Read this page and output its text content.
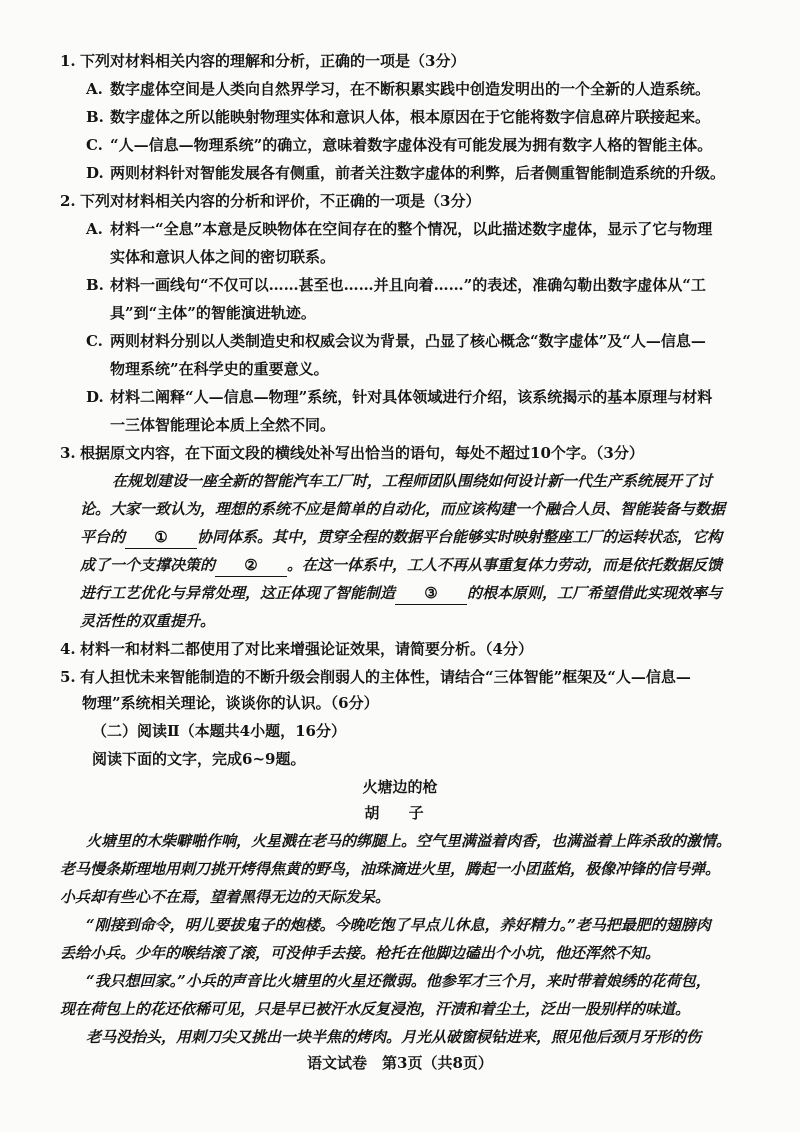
1. 下列对材料相关内容的理解和分析，正确的一项是（3分）
A. 数字虚体空间是人类向自然界学习，在不断积累实践中创造发明出的一个全新的人造系统。
B. 数字虚体之所以能映射物理实体和意识人体，根本原因在于它能将数字信息碎片联接起来。
C. “人—信息—物理系统”的确立，意味着数字虚体没有可能发展为拥有数字人格的智能主体。
D. 两则材料针对智能发展各有侧重，前者关注数字虚体的利弊，后者侧重智能制造系统的升级。
2. 下列对材料相关内容的分析和评价，不正确的一项是（3分）
A. 材料一“全息”本意是反映物体在空间存在的整个情况，以此描述数字虚体，显示了它与物理
实体和意识人体之间的密切联系。
B. 材料一画线句“不仅可以……甚至也……并且向着……”的表述，准确勾勒出数字虚体从“工
具”到“主体”的智能演进轨迹。
C. 两则材料分别以人类制造史和权威会议为背景，凸显了核心概念“数字虚体”及“人—信息—
物理系统”在科学史的重要意义。
D. 材料二阐释“人—信息—物理”系统，针对具体领域进行介绍，该系统揭示的基本原理与材料
一三体智能理论本质上全然不同。
3. 根据原文内容，在下面文段的横线处补写出恰当的语句，每处不超过10个字。（3分）
在规划建设一座全新的智能汽车工厂时，工程师团队围绕如何设计新一代生产系统展开了讨
论。大家一致认为，理想的系统不应是简单的自动化，而应该构建一个融合人员、智能装备与数据
平台的 ① 协同体系。其中，贯穿全程的数据平台能够实时映射整座工厂的运转状态，它构
成了一个支撑决策的 ② 。在这一体系中，工人不再从事重复体力劳动，而是依托数据反馈
进行工艺优化与异常处理，这正体现了智能制造 ③ 的根本原则，工厂希望借此实现效率与
灵活性的双重提升。
4. 材料一和材料二都使用了对比来增强论证效果，请简要分析。（4分）
5. 有人担忧未来智能制造的不断升级会削弱人的主体性，请结合“三体智能”框架及“人—信息—
物理”系统相关理论，谈谈你的认识。（6分）
（二）阅读Ⅱ（本题共4小题，16分）
阅读下面的文字，完成6~9题。
火塘边的枪
胡 子
火塘里的木柴噼啪作响，火星溅在老马的绑腿上。空气里满溢着肉香，也满溢着上阵杀敌的激情。
老马慢条斯理地用刺刀挑开烤得焦黄的野鸟，油珠滴进火里，腾起一小团蓝焰，极像冲锋的信号弹。
小兵却有些心不在焉，望着黑得无边的天际发呆。
“刚接到命令，明儿要拔鬼子的炮楼。今晚吃饱了早点儿休息，养好精力。”老马把最肥的翅膀肉
丢给小兵。少年的喉结滚了滚，可没伸手去接。枪托在他脚边磕出个小坑，他还浑然不知。
“我只想回家。”小兵的声音比火塘里的火星还微弱。他参军才三个月，来时带着娘绣的花荷包，
现在荷包上的花还依稀可见，只是早已被汗水反复浸泡，汗渍和着尘土，泛出一股别样的味道。
老马没抬头，用刺刀尖又挑出一块半焦的烤肉。月光从破窗棂钻进来，照见他后颈月牙形的伤
语文试卷　第3页（共8页）
